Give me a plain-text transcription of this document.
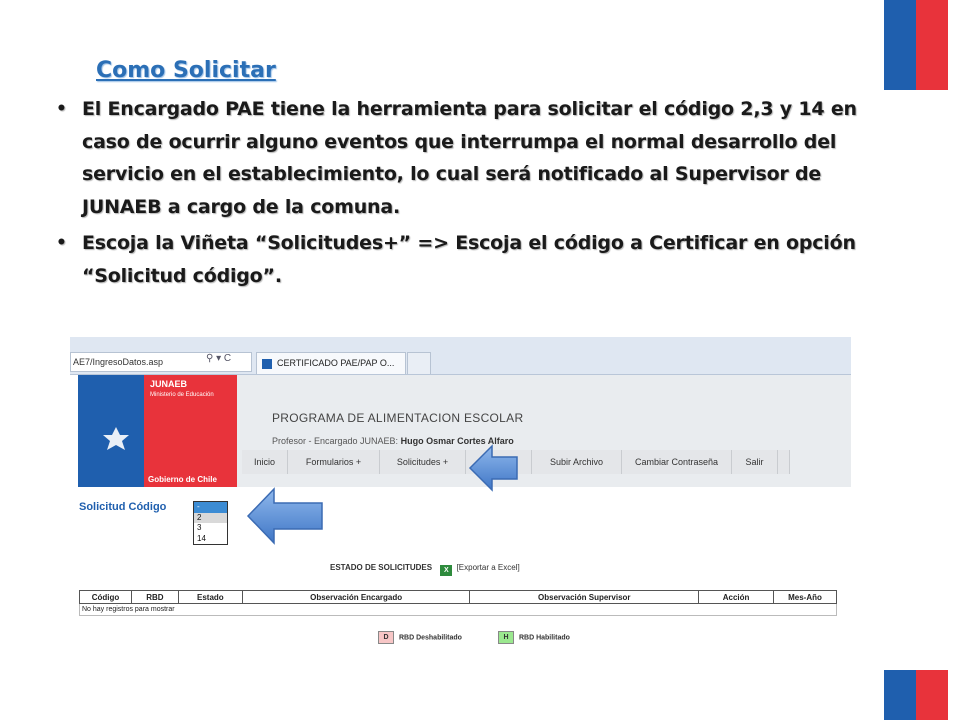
Como Solicitar
• El Encargado PAE tiene la herramienta para solicitar el código 2,3 y 14 en caso de ocurrir alguno eventos que interrumpa el normal desarrollo del servicio en el establecimiento, lo cual será notificado al Supervisor de JUNAEB a cargo de la comuna.
• Escoja la Viñeta “Solicitudes+” => Escoja el código a Certificar en opción “Solicitud código”.
AE7/IngresoDatos.asp	⚲ ▾ C	CERTIFICADO PAE/PAP O...
JUNAEB
Ministerio de Educación
Gobierno de Chile
PROGRAMA DE ALIMENTACION ESCOLAR
Profesor - Encargado JUNAEB: Hugo Osmar Cortes Alfaro
Inicio	Formularios +	Solicitudes +	Subir Archivo	Cambiar Contraseña	Salir
Solicitud Código	-
2
3
14
ESTADO DE SOLICITUDES X [Exportar a Excel]
Código	RBD	Estado	Observación Encargado	Observación Supervisor	Acción	Mes-Año
No hay registros para mostrar
D RBD Deshabilitado	H RBD Habilitado
